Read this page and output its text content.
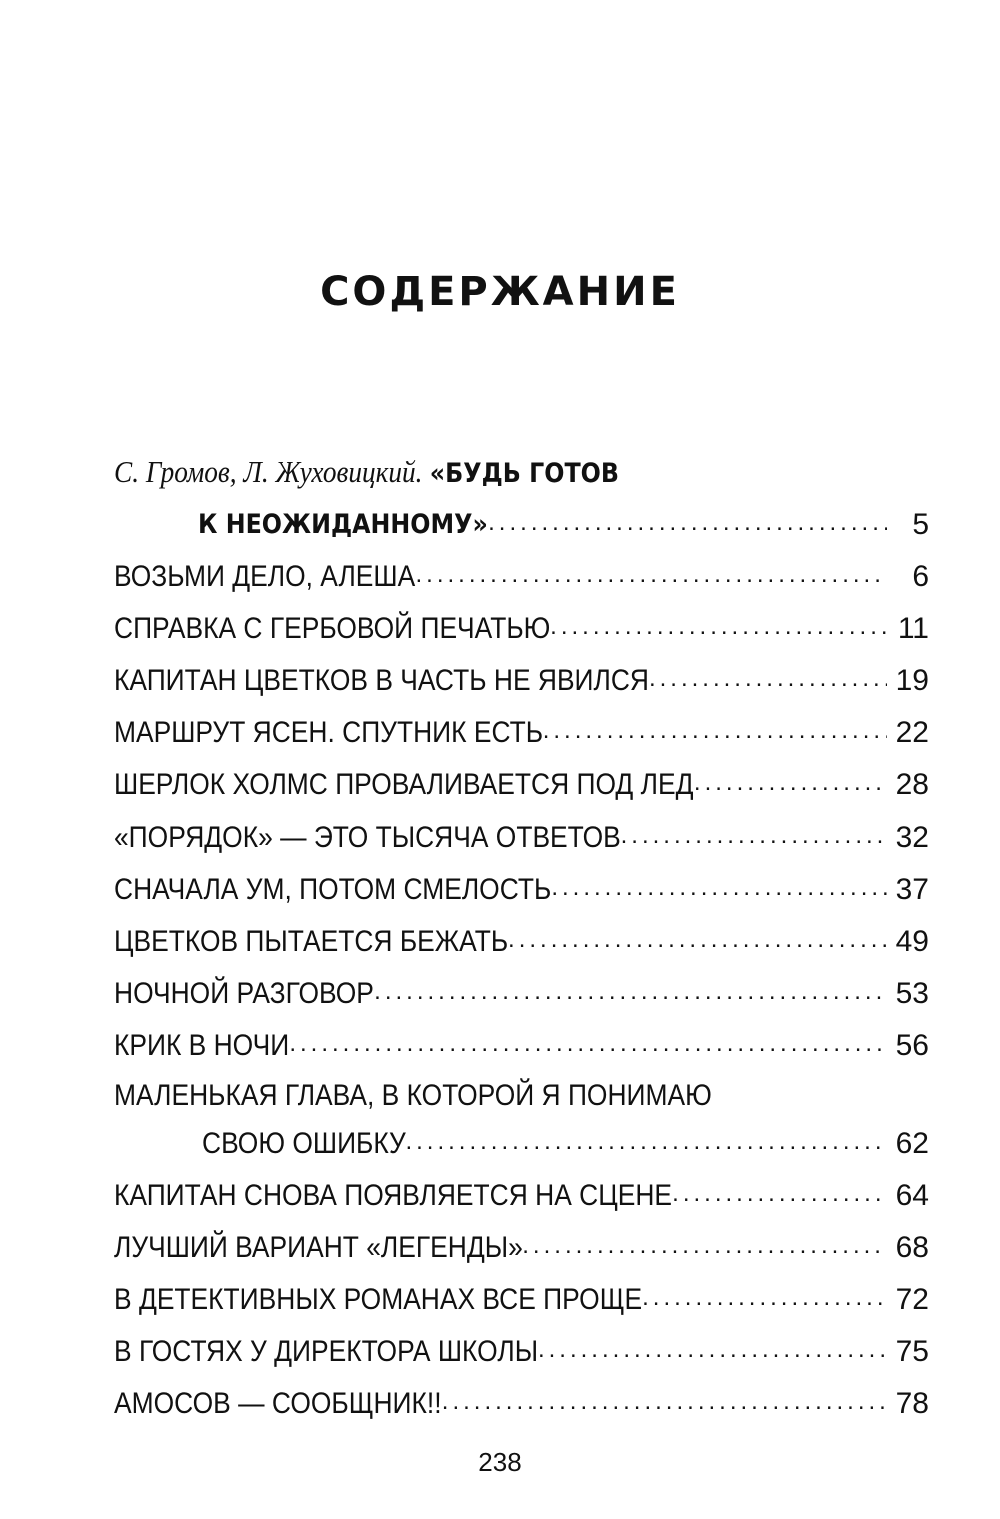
СОДЕРЖАНИЕ
С. Громов, Л. Жуховицкий. «БУДЬ ГОТОВ
К НЕОЖИДАННОМУ» .....	5
ВОЗЬМИ ДЕЛО, АЛЕША .....	6
СПРАВКА С ГЕРБОВОЙ ПЕЧАТЬЮ .....	11
КАПИТАН ЦВЕТКОВ В ЧАСТЬ НЕ ЯВИЛСЯ .....	19
МАРШРУТ ЯСЕН. СПУТНИК ЕСТЬ .....	22
ШЕРЛОК ХОЛМС ПРОВАЛИВАЕТСЯ ПОД ЛЕД .....	28
«ПОРЯДОК» — ЭТО ТЫСЯЧА ОТВЕТОВ .....	32
СНАЧАЛА УМ, ПОТОМ СМЕЛОСТЬ .....	37
ЦВЕТКОВ ПЫТАЕТСЯ БЕЖАТЬ .....	49
НОЧНОЙ РАЗГОВОР .....	53
КРИК В НОЧИ .....	56
МАЛЕНЬКАЯ ГЛАВА, В КОТОРОЙ Я ПОНИМАЮ
СВОЮ ОШИБКУ .....	62
КАПИТАН СНОВА ПОЯВЛЯЕТСЯ НА СЦЕНЕ .....	64
ЛУЧШИЙ ВАРИАНТ «ЛЕГЕНДЫ» .....	68
В ДЕТЕКТИВНЫХ РОМАНАХ ВСЕ ПРОЩЕ .....	72
В ГОСТЯХ У ДИРЕКТОРА ШКОЛЫ .....	75
АМОСОВ — СООБЩНИК!! .....	78
238
